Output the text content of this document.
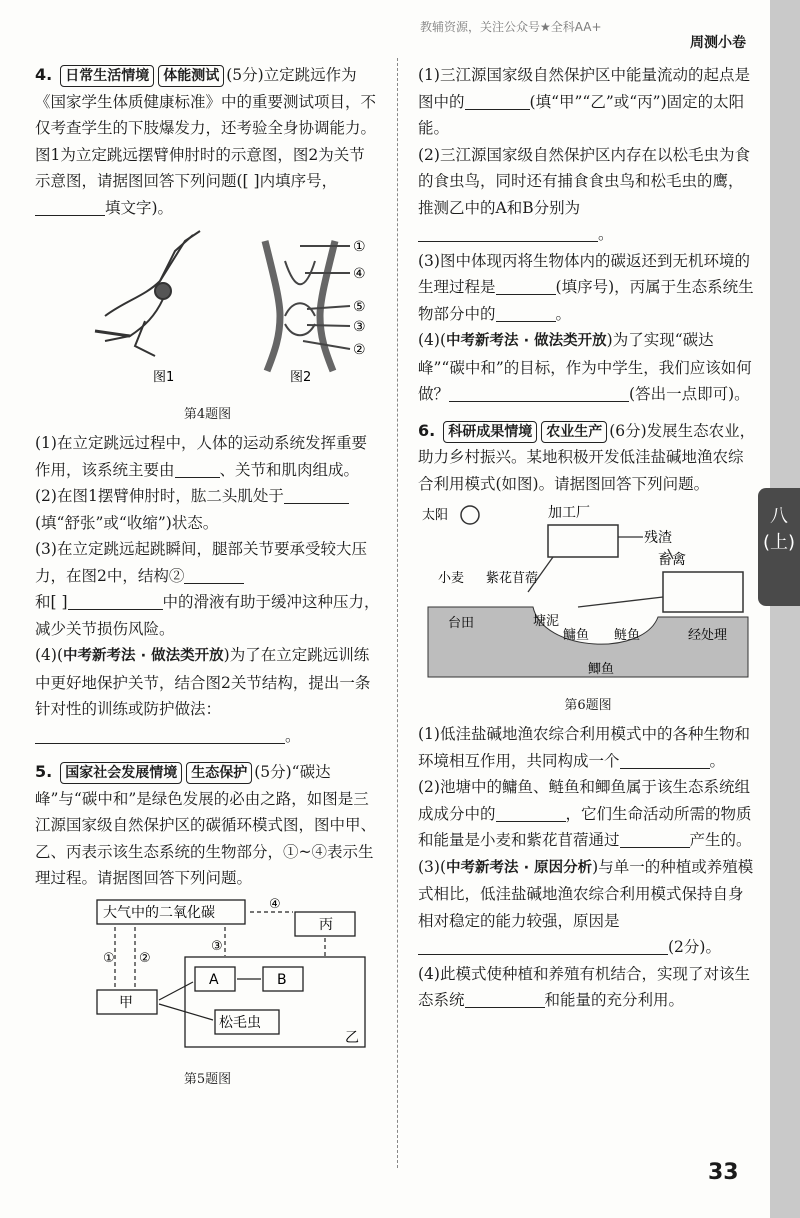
教辅资源，关注公众号★全科AA+
周测小卷
八(上)
33

4. 日常生活情境 体能测试 (5分)立定跳远作为《国家学生体质健康标准》中的重要测试项目，不仅考查学生的下肢爆发力，还考验全身协调能力。图1为立定跳远摆臂伸肘时的示意图，图2为关节示意图，请据图回答下列问题([ ]内填序号，填文字)。

图1
①
④
⑤
③
②
图2

第4题图

(1)在立定跳远过程中，人体的运动系统发挥重要作用，该系统主要由	、关节和肌肉组成。

(2)在图1摆臂伸肘时，肱二头肌处于(填“舒张”或“收缩”)状态。

(3)在立定跳远起跳瞬间，腿部关节要承受较大压力，在图2中，结构②
和[ ]	中的滑液有助于缓冲这种压力，减少关节损伤风险。

(4)(中考新考法 · 做法类开放)为了在立定跳远训练中更好地保护关节，结合图2关节结构，提出一条针对性的训练或防护做法：。

5. 国家社会发展情境 生态保护 (5分)“碳达峰”与“碳中和”是绿色发展的必由之路，如图是三江源国家级自然保护区的碳循环模式图，图中甲、乙、丙表示该生态系统的生物部分，①~④表示生理过程。请据图回答下列问题。

大气中的二氧化碳
丙
A	B
松毛虫
乙
甲
① ②
③
④

第5题图

(1)三江源国家级自然保护区中能量流动的起点是图中的	(填“甲”“乙”或“丙”)固定的太阳能。

(2)三江源国家级自然保护区内存在以松毛虫为食的食虫鸟，同时还有捕食食虫鸟和松毛虫的鹰，推测乙中的A和B分别为。

(3)图中体现丙将生物体内的碳返还到无机环境的生理过程是	(填序号)，丙属于生态系统生物部分中的	。

(4)(中考新考法 · 做法类开放)为了实现“碳达峰”“碳中和”的目标，作为中学生，我们应该如何做？	(答出一点即可)。

6. 科研成果情境 农业生产 (6分)发展生态农业，助力乡村振兴。某地积极开发低洼盐碱地渔农综合利用模式(如图)。请据图回答下列问题。

太阳	加工厂
残渣
畜禽
小麦 紫花苜蓿
台田	塘泥
鳙鱼 鲢鱼
鲫鱼
经处理

第6题图

(1)低洼盐碱地渔农综合利用模式中的各种生物和环境相互作用，共同构成一个	。

(2)池塘中的鳙鱼、鲢鱼和鲫鱼属于该生态系统组成成分中的	，它们生命活动所需的物质和能量是小麦和紫花苜蓿通过	产生的。

(3)(中考新考法 · 原因分析)与单一的种植或养殖模式相比，低洼盐碱地渔农综合利用模式保持自身相对稳定的能力较强，原因是(2分)。

(4)此模式使种植和养殖有机结合，实现了对该生态系统	和能量的充分利用。
